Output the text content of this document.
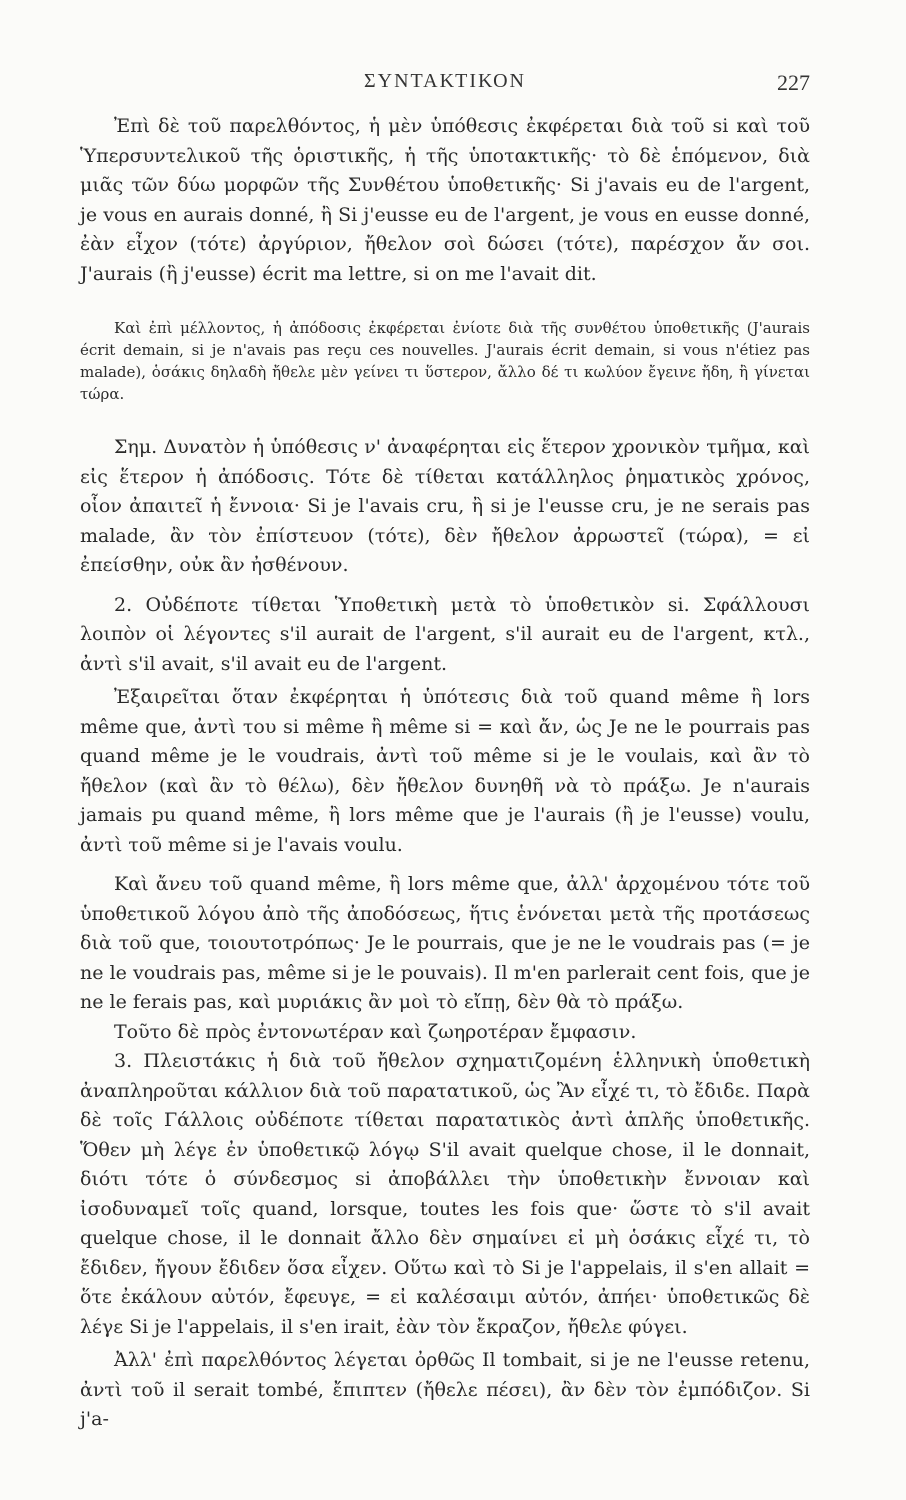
ΣΥΝΤΑΚΤΙΚΟΝ	227

Ἐπὶ δὲ τοῦ παρελθόντος, ἡ μὲν ὑπόθεσις ἐκφέρεται διὰ τοῦ si καὶ τοῦ Ὑπερσυντελικοῦ τῆς ὁριστικῆς, ἡ τῆς ὑποτακτικῆς· τὸ δὲ ἑπόμενον, διὰ μιᾶς τῶν δύω μορφῶν τῆς Συνθέτου ὑποθετικῆς· Si j'avais eu de l'argent, je vous en aurais donné, ἢ Si j'eusse eu de l'argent, je vous en eusse donné, ἐὰν εἶχον (τότε) ἀργύριον, ἤθελον σοὶ δώσει (τότε), παρέσχον ἄν σοι. J'aurais (ἢ j'eusse) écrit ma lettre, si on me l'avait dit.

Καὶ ἐπὶ μέλλοντος, ἡ ἀπόδοσις ἐκφέρεται ἐνίοτε διὰ τῆς συνθέτου ὑποθετικῆς (J'aurais écrit demain, si je n'avais pas reçu ces nouvelles. J'aurais écrit demain, si vous n'étiez pas malade), ὁσάκις δηλαδὴ ἤθελε μὲν γείνει τι ὕστερον, ἄλλο δέ τι κωλύον ἔγεινε ἤδη, ἢ γίνεται τώρα.

Σημ. Δυνατὸν ἡ ὑπόθεσις ν' ἀναφέρηται εἰς ἕτερον χρονικὸν τμῆμα, καὶ εἰς ἕτερον ἡ ἀπόδοσις. Τότε δὲ τίθεται κατάλληλος ῥηματικὸς χρόνος, οἷον ἀπαιτεῖ ἡ ἔννοια· Si je l'avais cru, ἢ si je l'eusse cru, je ne serais pas malade, ἂν τὸν ἐπίστευον (τότε), δὲν ἤθελον ἀρρωστεῖ (τώρα), = εἰ ἐπείσθην, οὐκ ἂν ἠσθένουν.

2. Οὐδέποτε τίθεται Ὑποθετικὴ μετὰ τὸ ὑποθετικὸν si. Σφάλλουσι λοιπὸν οἱ λέγοντες s'il aurait de l'argent, s'il aurait eu de l'argent, κτλ., ἀντὶ s'il avait, s'il avait eu de l'argent.

Ἐξαιρεῖται ὅταν ἐκφέρηται ἡ ὑπότεσις διὰ τοῦ quand même ἢ lors même que, ἀντὶ του si même ἢ même si = καὶ ἄν, ὡς Je ne le pourrais pas quand même je le voudrais, ἀντὶ τοῦ même si je le voulais, καὶ ἂν τὸ ἤθελον (καὶ ἂν τὸ θέλω), δὲν ἤθελον δυνηθῆ νὰ τὸ πράξω. Je n'aurais jamais pu quand même, ἢ lors même que je l'aurais (ἢ je l'eusse) voulu, ἀντὶ τοῦ même si je l'avais voulu.

Καὶ ἄνευ τοῦ quand même, ἢ lors même que, ἀλλ' ἀρχομένου τότε τοῦ ὑποθετικοῦ λόγου ἀπὸ τῆς ἀποδόσεως, ἥτις ἑνόνεται μετὰ τῆς προτάσεως διὰ τοῦ que, τοιουτοτρόπως· Je le pourrais, que je ne le voudrais pas (= je ne le voudrais pas, même si je le pouvais). Il m'en parlerait cent fois, que je ne le ferais pas, καὶ μυριάκις ἂν μοὶ τὸ εἴπῃ, δὲν θὰ τὸ πράξω.

Τοῦτο δὲ πρὸς ἐντονωτέραν καὶ ζωηροτέραν ἔμφασιν.

3. Πλειστάκις ἡ διὰ τοῦ ἤθελον σχηματιζομένη ἑλληνικὴ ὑποθετικὴ ἀναπληροῦται κάλλιον διὰ τοῦ παρατατικοῦ, ὡς Ἂν εἶχέ τι, τὸ ἔδιδε. Παρὰ δὲ τοῖς Γάλλοις οὐδέποτε τίθεται παρατατικὸς ἀντὶ ἁπλῆς ὑποθετικῆς. Ὅθεν μὴ λέγε ἐν ὑποθετικῷ λόγῳ S'il avait quelque chose, il le donnait, διότι τότε ὁ σύνδεσμος si ἀποβάλλει τὴν ὑποθετικὴν ἔννοιαν καὶ ἰσοδυναμεῖ τοῖς quand, lorsque, toutes les fois que· ὥστε τὸ s'il avait quelque chose, il le donnait ἄλλο δὲν σημαίνει εἰ μὴ ὁσάκις εἶχέ τι, τὸ ἔδιδεν, ἤγουν ἔδιδεν ὅσα εἶχεν. Οὕτω καὶ τὸ Si je l'appelais, il s'en allait = ὅτε ἐκάλουν αὐτόν, ἔφευγε, = εἰ καλέσαιμι αὐτόν, ἀπήει· ὑποθετικῶς δὲ λέγε Si je l'appelais, il s'en irait, ἐὰν τὸν ἔκραζον, ἤθελε φύγει.

Ἀλλ' ἐπὶ παρελθόντος λέγεται ὀρθῶς Il tombait, si je ne l'eusse retenu, ἀντὶ τοῦ il serait tombé, ἔπιπτεν (ἤθελε πέσει), ἂν δὲν τὸν ἐμπόδιζον. Si j'a-
